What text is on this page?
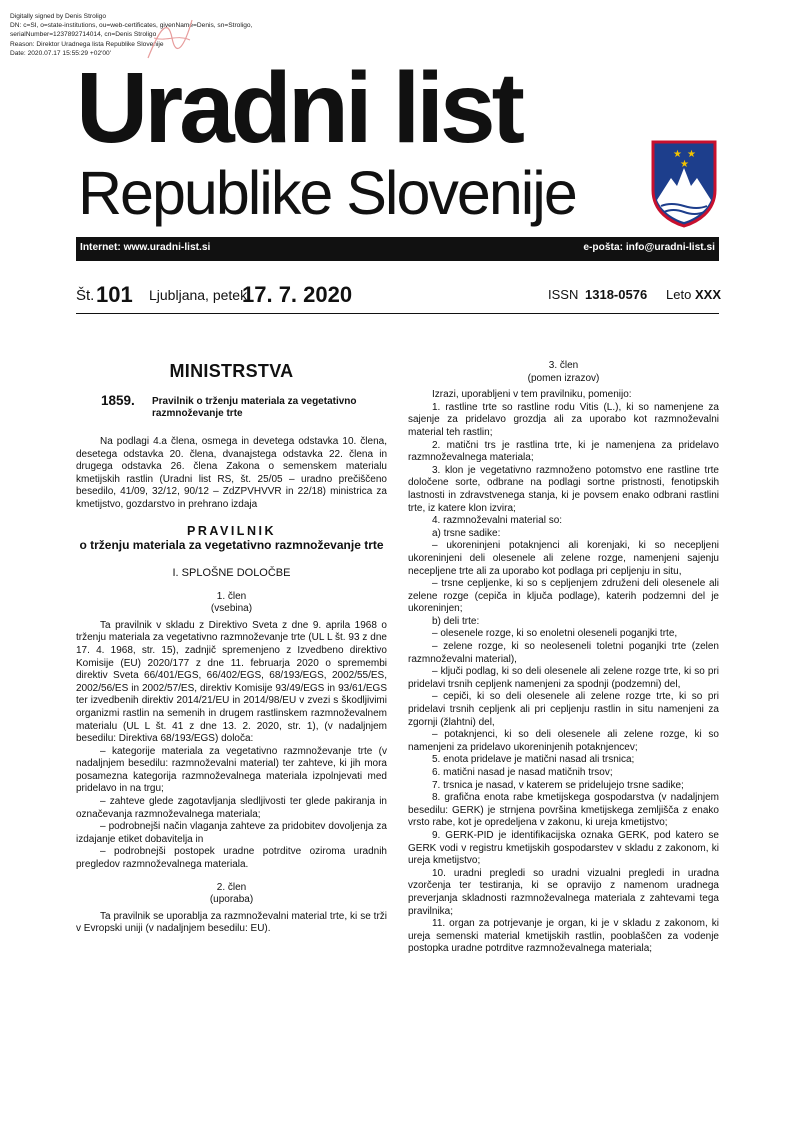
Digitally signed by Denis Stroligo
DN: c=SI, o=state-institutions, ou=web-certificates, givenName=Denis, sn=Stroligo,
serialNumber=1237892714014, cn=Denis Stroligo
Reason: Direktor Uradnega lista Republike Slovenije
Date: 2020.07.17 15:55:29 +02'00'
Uradni list
Republike Slovenije
★ ★
★
Internet: www.uradni-list.si	e-pošta: info@uradni-list.si
Št. 101 Ljubljana, petek
17. 7. 2020	ISSN 1318-0576 Leto XXX
MINISTRSTVA
1859. Pravilnik o trženju materiala za vegetativno razmnoževanje trte

Na podlagi 4.a člena, osmega in devetega odstavka 10. člena, desetega odstavka 20. člena, dvanajstega odstavka 22. člena in drugega odstavka 26. člena Zakona o semenskem materialu kmetijskih rastlin (Uradni list RS, št. 25/05 – uradno prečiščeno besedilo, 41/09, 32/12, 90/12 – ZdZPVHVVR in 22/18) ministrica za kmetijstvo, gozdarstvo in prehrano izdaja

PRAVILNIK
o trženju materiala za vegetativno razmnoževanje trte
I. SPLOŠNE DOLOČBE
1. člen
(vsebina)

Ta pravilnik v skladu z Direktivo Sveta z dne 9. aprila 1968 o trženju materiala za vegetativno razmnoževanje trte (UL L št. 93 z dne 17. 4. 1968, str. 15), zadnjič spremenjeno z Izvedbeno direktivo Komisije (EU) 2020/177 z dne 11. februarja 2020 o spremembi direktiv Sveta 66/401/EGS, 66/402/EGS, 68/193/EGS, 2002/55/ES, 2002/56/ES in 2002/57/ES, direktiv Komisije 93/49/EGS in 93/61/EGS ter izvedbenih direktiv 2014/21/EU in 2014/98/EU v zvezi s škodljivimi organizmi rastlin na semenih in drugem rastlinskem razmnoževalnem materialu (UL L št. 41 z dne 13. 2. 2020, str. 1), (v nadaljnjem besedilu: Direktiva 68/193/EGS) določa:

– kategorije materiala za vegetativno razmnoževanje trte (v nadaljnjem besedilu: razmnoževalni material) ter zahteve, ki jih mora posamezna kategorija razmnoževalnega materiala izpolnjevati med pridelavo in na trgu;

– zahteve glede zagotavljanja sledljivosti ter glede pakiranja in označevanja razmnoževalnega materiala;

– podrobnejši način vlaganja zahteve za pridobitev dovoljenja za izdajanje etiket dobavitelja in

– podrobnejši postopek uradne potrditve oziroma uradnih pregledov razmnoževalnega materiala.

2. člen
(uporaba)

Ta pravilnik se uporablja za razmnoževalni material trte, ki se trži v Evropski uniji (v nadaljnjem besedilu: EU).

3. člen
(pomen izrazov)

Izrazi, uporabljeni v tem pravilniku, pomenijo:

1. rastline trte so rastline rodu Vitis (L.), ki so namenjene za sajenje za pridelavo grozdja ali za uporabo kot razmnoževalni material teh rastlin;

2. matični trs je rastlina trte, ki je namenjena za pridelavo razmnoževalnega materiala;

3. klon je vegetativno razmnoženo potomstvo ene rastline trte določene sorte, odbrane na podlagi sortne pristnosti, fenotipskih lastnosti in zdravstvenega stanja, ki je povsem enako odbrani rastlini trte, iz katere klon izvira;

4. razmnoževalni material so:

a) trsne sadike:

– ukoreninjeni potaknjenci ali korenjaki, ki so necepljeni ukoreninjeni deli olesenele ali zelene rozge, namenjeni sajenju necepljene trte ali za uporabo kot podlaga pri cepljenju in situ,

– trsne cepljenke, ki so s cepljenjem združeni deli olesenele ali zelene rozge (cepiča in ključa podlage), katerih podzemni del je ukoreninjen;

b) deli trte:

– olesenele rozge, ki so enoletni oleseneli poganjki trte,

– zelene rozge, ki so neoleseneli toletni poganjki trte (zelen razmnoževalni material),

– ključi podlag, ki so deli olesenele ali zelene rozge trte, ki so pri pridelavi trsnih cepljenk namenjeni za spodnji (podzemni) del,

– cepiči, ki so deli olesenele ali zelene rozge trte, ki so pri pridelavi trsnih cepljenk ali pri cepljenju rastlin in situ namenjeni za zgornji (žlahtni) del,

– potaknjenci, ki so deli olesenele ali zelene rozge, ki so namenjeni za pridelavo ukoreninjenih potaknjencev;

5. enota pridelave je matični nasad ali trsnica;

6. matični nasad je nasad matičnih trsov;

7. trsnica je nasad, v katerem se pridelujejo trsne sadike;

8. grafična enota rabe kmetijskega gospodarstva (v nadaljnjem besedilu: GERK) je strnjena površina kmetijskega zemljišča z enako vrsto rabe, kot je opredeljena v zakonu, ki ureja kmetijstvo;

9. GERK-PID je identifikacijska oznaka GERK, pod katero se GERK vodi v registru kmetijskih gospodarstev v skladu z zakonom, ki ureja kmetijstvo;

10. uradni pregledi so uradni vizualni pregledi in uradna vzorčenja ter testiranja, ki se opravijo z namenom uradnega preverjanja skladnosti razmnoževalnega materiala z zahtevami tega pravilnika;

11. organ za potrjevanje je organ, ki je v skladu z zakonom, ki ureja semenski material kmetijskih rastlin, pooblaščen za vodenje postopka uradne potrditve razmnoževalnega materiala;
